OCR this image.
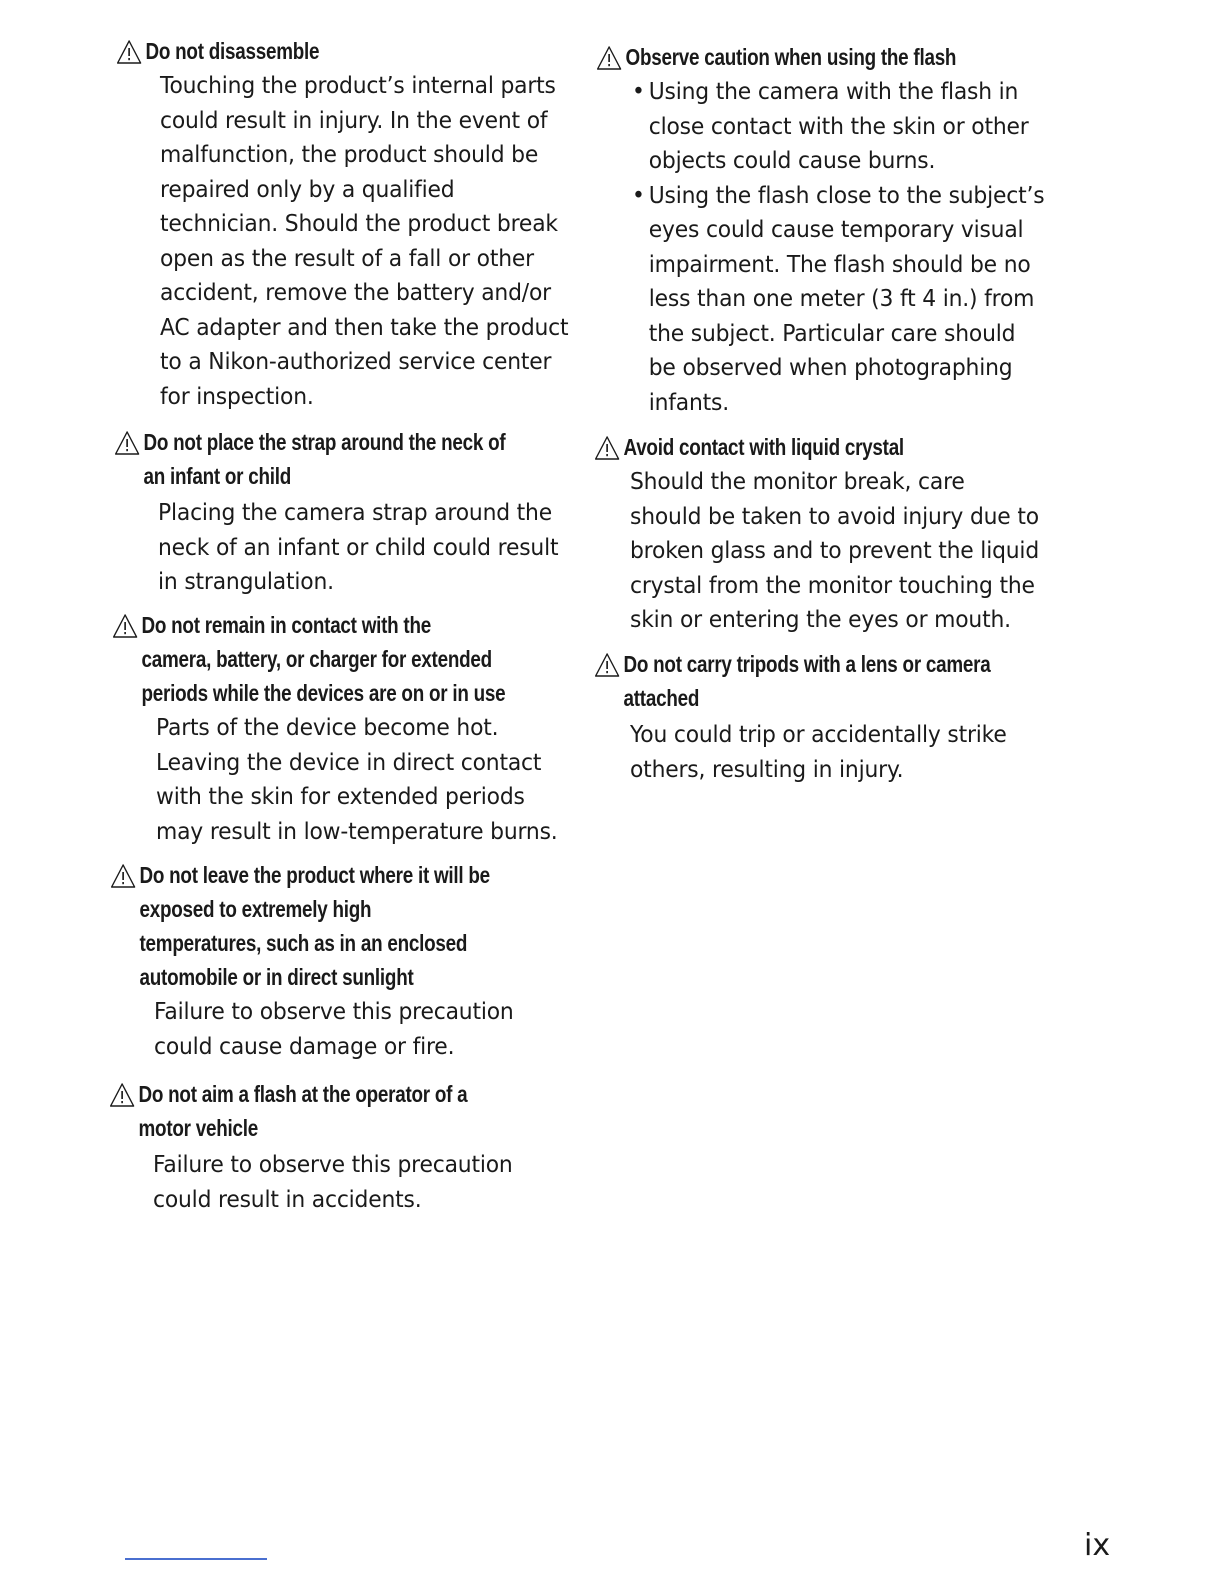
Do not disassemble
Touching the product’s internal parts
could result in injury. In the event of
malfunction, the product should be
repaired only by a qualified
technician. Should the product break
open as the result of a fall or other
accident, remove the battery and/or
AC adapter and then take the product
to a Nikon-authorized service center
for inspection.
Do not place the strap around the neck of
an infant or child
Placing the camera strap around the
neck of an infant or child could result
in strangulation.
Do not remain in contact with the
camera, battery, or charger for extended
periods while the devices are on or in use
Parts of the device become hot.
Leaving the device in direct contact
with the skin for extended periods
may result in low-temperature burns.
Do not leave the product where it will be
exposed to extremely high
temperatures, such as in an enclosed
automobile or in direct sunlight
Failure to observe this precaution
could cause damage or fire.
Do not aim a flash at the operator of a
motor vehicle
Failure to observe this precaution
could result in accidents.
Observe caution when using the flash
• Using the camera with the flash in
close contact with the skin or other
objects could cause burns.
• Using the flash close to the subject’s
eyes could cause temporary visual
impairment. The flash should be no
less than one meter (3 ft 4 in.) from
the subject. Particular care should
be observed when photographing
infants.
Avoid contact with liquid crystal
Should the monitor break, care
should be taken to avoid injury due to
broken glass and to prevent the liquid
crystal from the monitor touching the
skin or entering the eyes or mouth.
Do not carry tripods with a lens or camera
attached
You could trip or accidentally strike
others, resulting in injury.
ix
